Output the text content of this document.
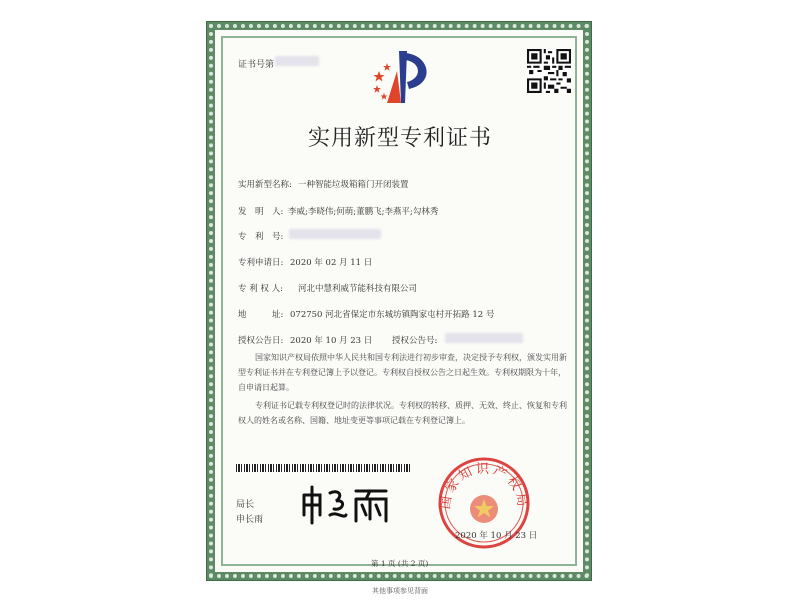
证书号第
实用新型专利证书
实用新型名称: 一种智能垃圾箱箱门开闭装置
发　明　人: 李威;李晓伟;何萌;董鹏飞;李燕平;勾林秀
专　利　号:
专利申请日: 2020 年 02 月 11 日
专 利 权 人: 河北中慧利威节能科技有限公司
地　　　址: 072750 河北省保定市东城坊镇陶家屯村开拓路 12 号
授权公告日: 2020 年 10 月 23 日 授权公告号:
国家知识产权局依照中华人民共和国专利法进行初步审查，决定授予专利权，颁发实用新型专利证书并在专利登记簿上予以登记。专利权自授权公告之日起生效。专利权期限为十年，自申请日起算。
专利证书记载专利权登记时的法律状况。专利权的转移、质押、无效、终止、恢复和专利权人的姓名或名称、国籍、地址变更等事项记载在专利登记簿上。
局长
申长雨
国家知识产权局
2020 年 10 月 23 日
第 1 页 (共 2 页)
其他事项参见背面
